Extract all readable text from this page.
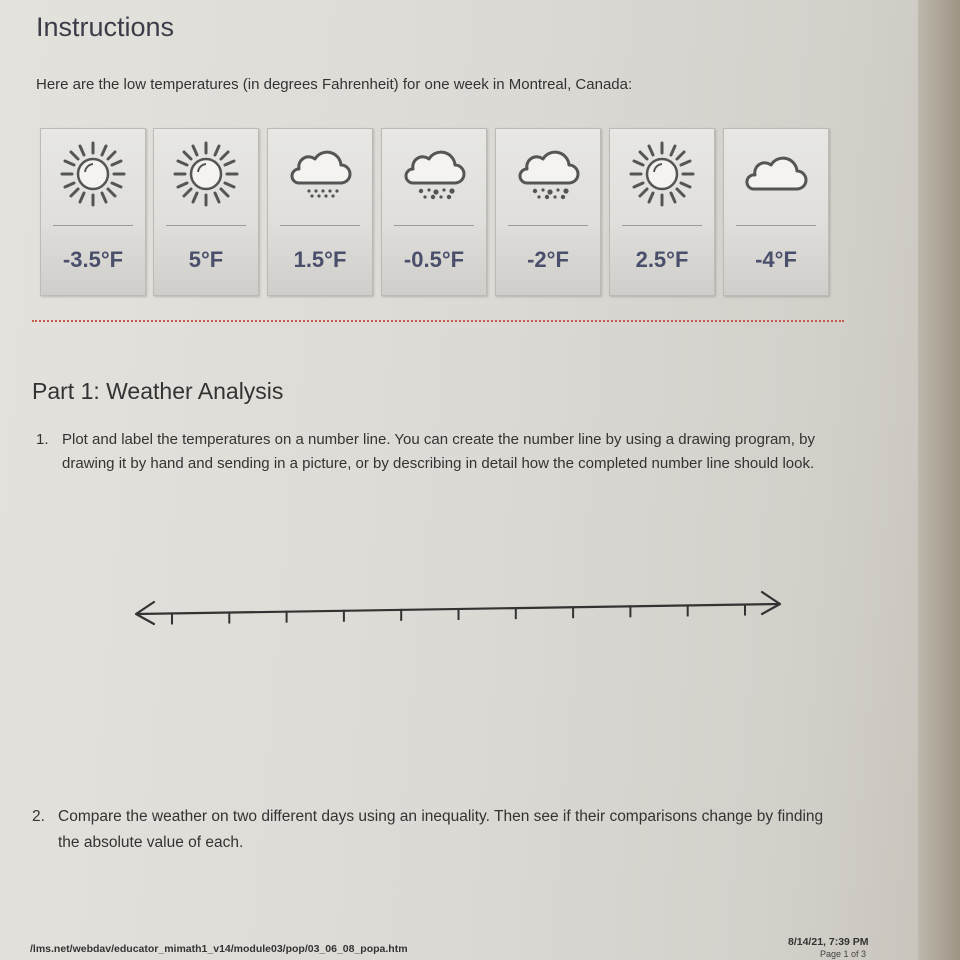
Instructions
Here are the low temperatures (in degrees Fahrenheit) for one week in Montreal, Canada:
-3.5°F	5°F	1.5°F	-0.5°F	-2°F	2.5°F	-4°F
Part 1: Weather Analysis
1. Plot and label the temperatures on a number line. You can create the number line by using a drawing program, by drawing it by hand and sending in a picture, or by describing in detail how the completed number line should look.
2. Compare the weather on two different days using an inequality. Then see if their comparisons change by finding the absolute value of each.
/lms.net/webdav/educator_mimath1_v14/module03/pop/03_06_08_popa.htm
8/14/21, 7:39 PM
Page 1 of 3
